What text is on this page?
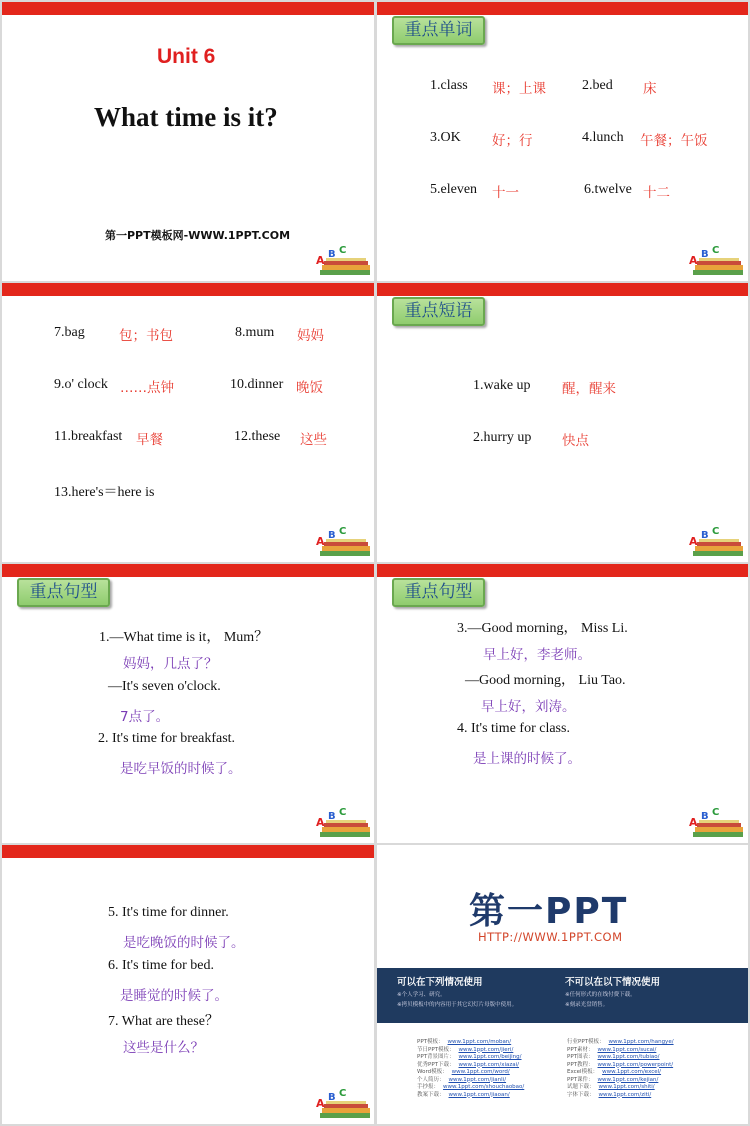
Unit 6
What time is it?
第一PPT模板网-WWW.1PPT.COM
A B C
重点单词
1.class 课；上课	2.bed 床
3.OK 好；行	4.lunch 午餐；午饭
5.eleven 十一	6.twelve 十二
A B C
7.bag	包；书包	8.mum 妈妈
9.o' clock ……点钟	10.dinner 晚饭
11.breakfast 早餐	12.these 这些
13.here's＝here is
A B C
重点短语
1.wake up 醒，醒来
2.hurry up 快点
A B C
重点句型
1.—What time is it， Mum？
妈妈，几点了？
—It's seven o'clock.
7点了。
2. It's time for breakfast.
是吃早饭的时候了。
A B C
重点句型
3.—Good morning， Miss Li.
早上好，李老师。
—Good morning， Liu Tao.
早上好，刘涛。
4. It's time for class.
是上课的时候了。
A B C
5. It's time for dinner.
是吃晚饭的时候了。
6. It's time for bed.
是睡觉的时候了。
7. What are these？
这些是什么？
A B C
第一PPT
HTTP://WWW.1PPT.COM
可以在下列情况使用
※个人学习、研究。
※拷贝模板中的内容用于其它幻灯片母版中使用。
不可以在以下情况使用
※任何形式的在线付费下载。
※刻录光盘销售。
PPT模板： www.1ppt.com/moban/
节日PPT模板： www.1ppt.com/jieri/
PPT背景图片： www.1ppt.com/beijing/
优秀PPT下载： www.1ppt.com/xiazai/
Word模板： www.1ppt.com/word/
个人简历： www.1ppt.com/jianli/
手抄报： www.1ppt.com/shouchaobao/
教案下载： www.1ppt.com/jiaoan/
行业PPT模板： www.1ppt.com/hangye/
PPT素材： www.1ppt.com/sucai/
PPT图表： www.1ppt.com/tubiao/
PPT教程： www.1ppt.com/powerpoint/
Excel模板： www.1ppt.com/excel/
PPT课件： www.1ppt.com/kejian/
试题下载： www.1ppt.com/shiti/
字体下载： www.1ppt.com/ziti/
